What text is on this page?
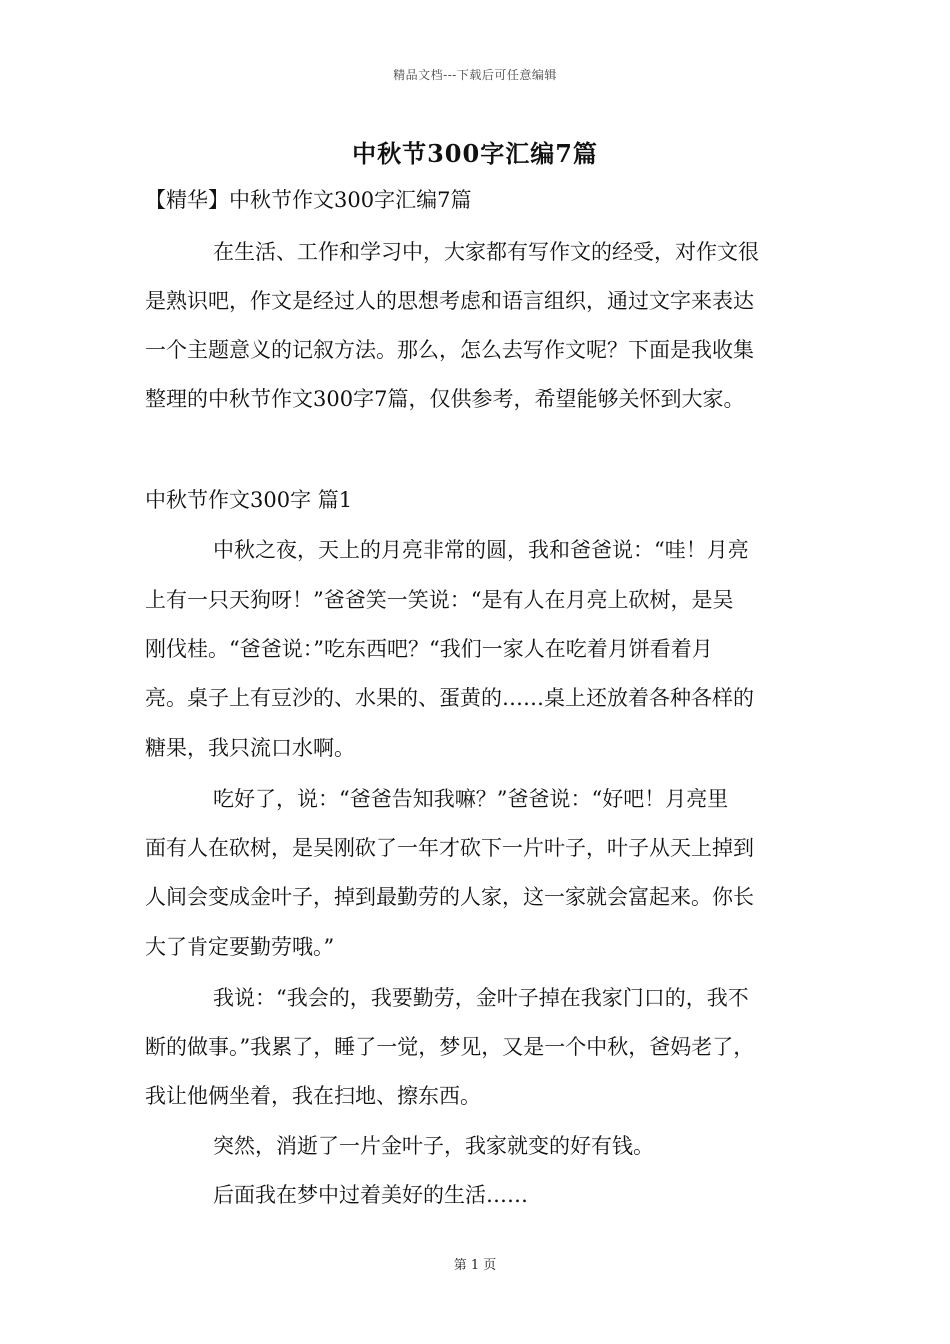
精品文档---下载后可任意编辑
中秋节300字汇编7篇
【精华】中秋节作文300字汇编7篇
在生活、工作和学习中，大家都有写作文的经受，对作文很
是熟识吧，作文是经过人的思想考虑和语言组织，通过文字来表达
一个主题意义的记叙方法。那么，怎么去写作文呢？下面是我收集
整理的中秋节作文300字7篇，仅供参考，希望能够关怀到大家。
中秋节作文300字 篇1
中秋之夜，天上的月亮非常的圆，我和爸爸说：“哇！月亮
上有一只天狗呀！”爸爸笑一笑说：“是有人在月亮上砍树，是吴
刚伐桂。“爸爸说：”吃东西吧？“我们一家人在吃着月饼看着月
亮。桌子上有豆沙的、水果的、蛋黄的……桌上还放着各种各样的
糖果，我只流口水啊。
吃好了，说：“爸爸告知我嘛？”爸爸说：“好吧！月亮里
面有人在砍树，是吴刚砍了一年才砍下一片叶子，叶子从天上掉到
人间会变成金叶子，掉到最勤劳的人家，这一家就会富起来。你长
大了肯定要勤劳哦。”
我说：“我会的，我要勤劳，金叶子掉在我家门口的，我不
断的做事。”我累了，睡了一觉，梦见，又是一个中秋，爸妈老了，
我让他俩坐着，我在扫地、擦东西。
突然，消逝了一片金叶子，我家就变的好有钱。
后面我在梦中过着美好的生活……
第 1 页
